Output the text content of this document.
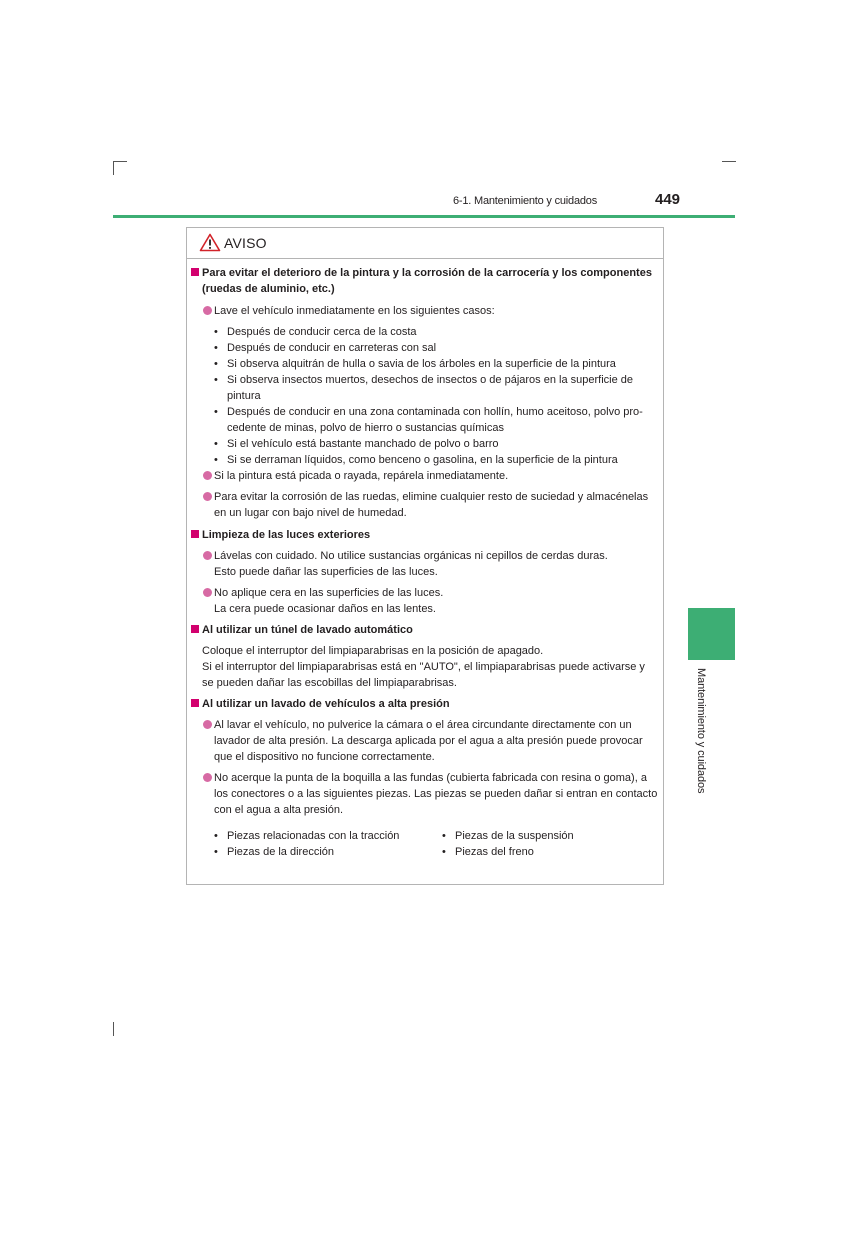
6-1. Mantenimiento y cuidados	449
6
Mantenimiento y cuidados
AVISO
Para evitar el deterioro de la pintura y la corrosión de la carrocería y los componentes
(ruedas de aluminio, etc.)
Lave el vehículo inmediatamente en los siguientes casos:
• Después de conducir cerca de la costa
• Después de conducir en carreteras con sal
• Si observa alquitrán de hulla o savia de los árboles en la superficie de la pintura
• Si observa insectos muertos, desechos de insectos o de pájaros en la superficie de
pintura
• Después de conducir en una zona contaminada con hollín, humo aceitoso, polvo pro-
cedente de minas, polvo de hierro o sustancias químicas
• Si el vehículo está bastante manchado de polvo o barro
• Si se derraman líquidos, como benceno o gasolina, en la superficie de la pintura
Si la pintura está picada o rayada, repárela inmediatamente.
Para evitar la corrosión de las ruedas, elimine cualquier resto de suciedad y almacénelas
en un lugar con bajo nivel de humedad.
Limpieza de las luces exteriores
Lávelas con cuidado. No utilice sustancias orgánicas ni cepillos de cerdas duras.
Esto puede dañar las superficies de las luces.
No aplique cera en las superficies de las luces.
La cera puede ocasionar daños en las lentes.
Al utilizar un túnel de lavado automático
Coloque el interruptor del limpiaparabrisas en la posición de apagado.
Si el interruptor del limpiaparabrisas está en "AUTO", el limpiaparabrisas puede activarse y
se pueden dañar las escobillas del limpiaparabrisas.
Al utilizar un lavado de vehículos a alta presión
Al lavar el vehículo, no pulverice la cámara o el área circundante directamente con un
lavador de alta presión. La descarga aplicada por el agua a alta presión puede provocar
que el dispositivo no funcione correctamente.
No acerque la punta de la boquilla a las fundas (cubierta fabricada con resina o goma), a
los conectores o a las siguientes piezas. Las piezas se pueden dañar si entran en contacto
con el agua a alta presión.
• Piezas relacionadas con la tracción
• Piezas de la dirección
• Piezas de la suspensión
• Piezas del freno
